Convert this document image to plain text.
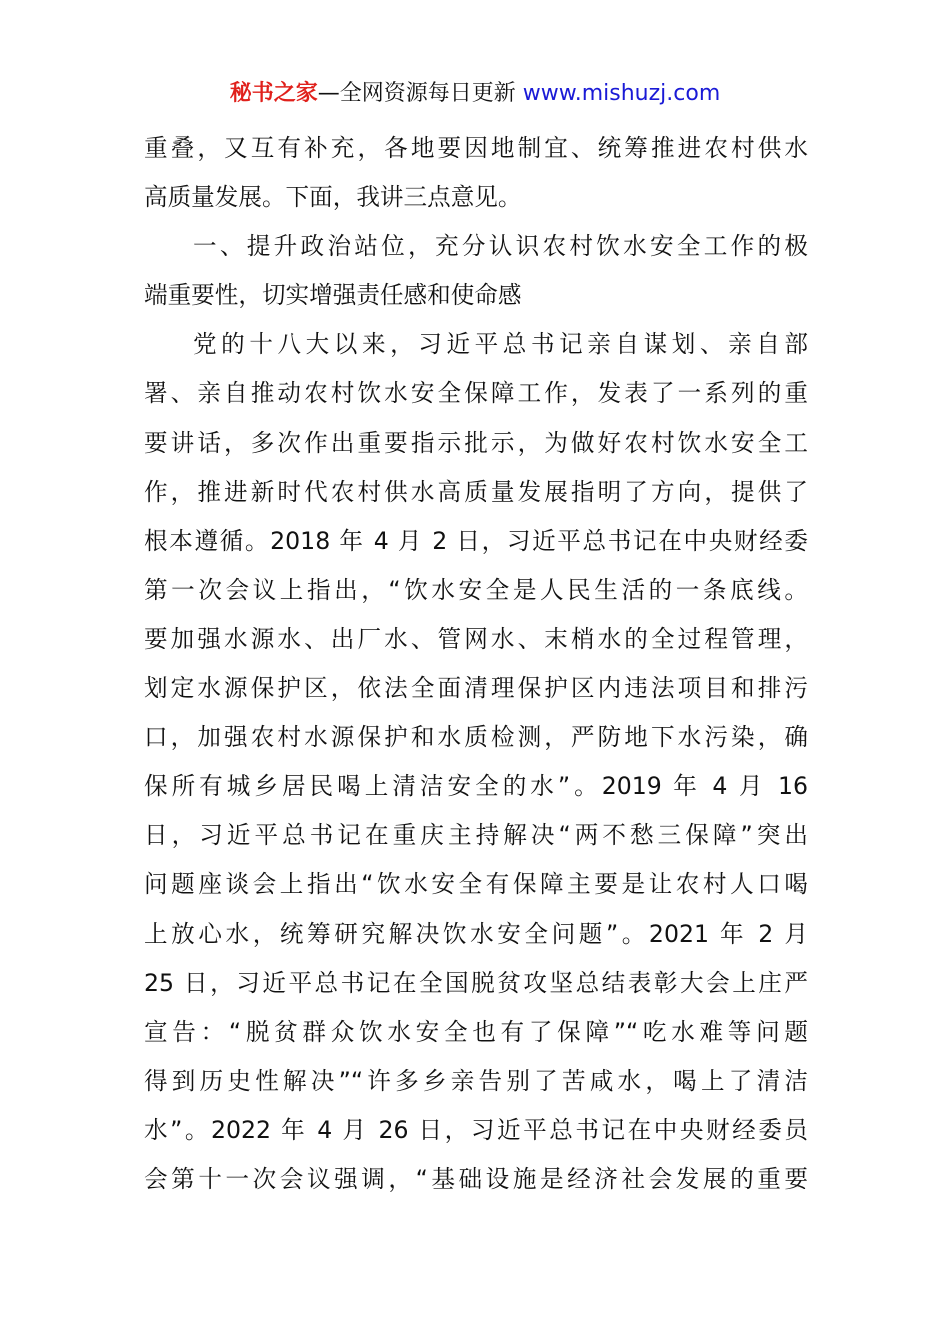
秘书之家—全网资源每日更新 www.mishuzj.com
重叠，又互有补充，各地要因地制宜、统筹推进农村供水
高质量发展。下面，我讲三点意见。
一、提升政治站位，充分认识农村饮水安全工作的极
端重要性，切实增强责任感和使命感
党的十八大以来，习近平总书记亲自谋划、亲自部
署、亲自推动农村饮水安全保障工作，发表了一系列的重
要讲话，多次作出重要指示批示，为做好农村饮水安全工
作，推进新时代农村供水高质量发展指明了方向，提供了
根本遵循。2018 年 4 月 2 日，习近平总书记在中央财经委
第一次会议上指出，“饮水安全是人民生活的一条底线。
要加强水源水、出厂水、管网水、末梢水的全过程管理，
划定水源保护区，依法全面清理保护区内违法项目和排污
口，加强农村水源保护和水质检测，严防地下水污染，确
保所有城乡居民喝上清洁安全的水”。2019 年 4 月 16
日，习近平总书记在重庆主持解决“两不愁三保障”突出
问题座谈会上指出“饮水安全有保障主要是让农村人口喝
上放心水，统筹研究解决饮水安全问题”。2021 年 2 月
25 日，习近平总书记在全国脱贫攻坚总结表彰大会上庄严
宣告：“脱贫群众饮水安全也有了保障”“吃水难等问题
得到历史性解决”“许多乡亲告别了苦咸水，喝上了清洁
水”。2022 年 4 月 26 日，习近平总书记在中央财经委员
会第十一次会议强调，“基础设施是经济社会发展的重要
